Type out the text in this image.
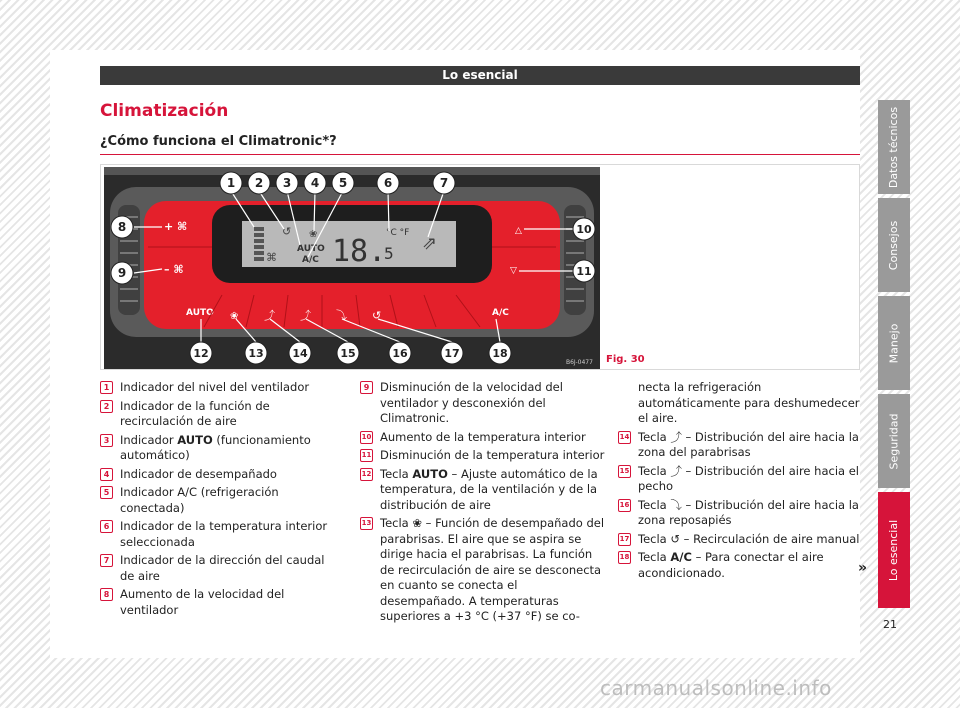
Lo esencial
Climatización
¿Cómo funciona el Climatronic*?
⌘
↺ ❀
AUTO
A/C 18.
5
°C °F ⇗
+ ⌘
– ⌘
AUTO	A/C
△
▽
❀ ⤴ ⤴ ⤵ ↺
1 2 3 4 5	6	7
8
9
10
11
12	13	14	15	16	17	18
B6J-0477 Fig. 30
1 Indicador del nivel del ventilador
2 Indicador de la función de recirculación de aire
3 Indicador AUTO (funcionamiento automático)
4 Indicador de desempañado
5 Indicador A/C (refrigeración conectada)
6 Indicador de la temperatura interior seleccionada
7 Indicador de la dirección del caudal de aire
8 Aumento de la velocidad del ventilador
9 Disminución de la velocidad del ventilador y desconexión del Climatronic.
10 Aumento de la temperatura interior
11 Disminución de la temperatura interior
12 Tecla AUTO – Ajuste automático de la temperatura, de la ventilación y de la distribución de aire
13 Tecla ❀ – Función de desempañado del parabrisas. El aire que se aspira se dirige hacia el parabrisas. La función de recirculación de aire se desconecta en cuanto se conecta el desempañado. A temperaturas superiores a +3 °C (+37 °F) se co-
necta la refrigeración automáticamente para deshumedecer el aire.
14 Tecla ⤴ – Distribución del aire hacia la zona del parabrisas
15 Tecla ⤴ – Distribución del aire hacia el pecho
16 Tecla ⤵ – Distribución del aire hacia la zona reposapiés
17 Tecla ↺ – Recirculación de aire manual
18 Tecla A/C – Para conectar el aire acondicionado.	»
Datos técnicos
Consejos
Manejo
Seguridad
Lo esencial
21
carmanualsonline.info
